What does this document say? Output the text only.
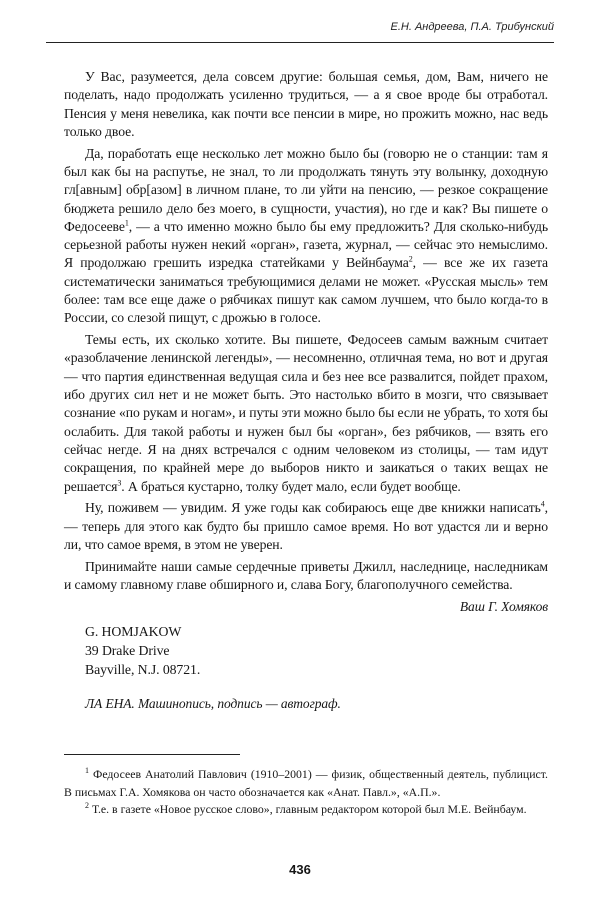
Е.Н. Андреева, П.А. Трибунский

У Вас, разумеется, дела совсем другие: большая семья, дом, Вам, ничего не поделать, надо продолжать усиленно трудиться, — а я свое вроде бы отработал. Пенсия у меня невелика, как почти все пенсии в мире, но прожить можно, нас ведь только двое.

Да, поработать еще несколько лет можно было бы (говорю не о станции: там я был как бы на распутье, не знал, то ли продолжать тянуть эту волынку, доходную гл[авным] обр[азом] в личном плане, то ли уйти на пенсию, — резкое сокращение бюджета решило дело без моего, в сущности, участия), но где и как? Вы пишете о Федосееве$^1$, — а что именно можно было бы ему предложить? Для сколько-нибудь серьезной работы нужен некий «орган», газета, журнал, — сейчас это немыслимо. Я продолжаю грешить изредка статейками у Вейнбаума$^2$, — все же их газета систематически заниматься требующимися делами не может. «Русская мысль» тем более: там все еще даже о рябчиках пишут как самом лучшем, что было когда-то в России, со слезой пищут, с дрожью в голосе.

Темы есть, их сколько хотите. Вы пишете, Федосеев самым важным считает «разоблачение ленинской легенды», — несомненно, отличная тема, но вот и другая — что партия единственная ведущая сила и без нее все развалится, пойдет прахом, ибо других сил нет и не может быть. Это настолько вбито в мозги, что связывает сознание «по рукам и ногам», и путы эти можно было бы если не убрать, то хотя бы ослабить. Для такой работы и нужен был бы «орган», без рябчиков, — взять его сейчас негде. Я на днях встречался с одним человеком из столицы, — там идут сокращения, по крайней мере до выборов никто и заикаться о таких вещах не решается$^3$. А браться кустарно, толку будет мало, если будет вообще.

Ну, поживем — увидим. Я уже годы как собираюсь еще две книжки написать$^4$, — теперь для этого как будто бы пришло самое время. Но вот удастся ли и верно ли, что самое время, в этом не уверен.

Принимайте наши самые сердечные приветы Джилл, наследнице, наследникам и самому главному главе обширного и, слава Богу, благополучного семейства.

Ваш Г. Хомяков
G. HOMJAKOW
39 Drake Drive
Bayville, N.J. 08721.
ЛА ЕНА. Машинопись, подпись — автограф.

$^1$ Федосеев Анатолий Павлович (1910–2001) — физик, общественный деятель, публицист. В письмах Г.А. Хомякова он часто обозначается как «Анат. Павл.», «А.П.».

$^2$ Т.е. в газете «Новое русское слово», главным редактором которой был М.Е. Вейнбаум.

436
